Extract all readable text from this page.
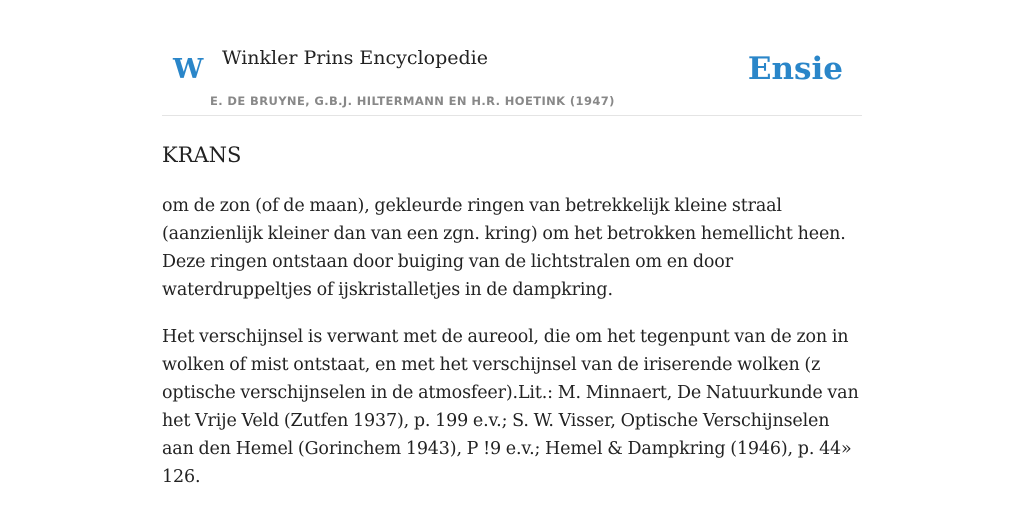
W Winkler Prins Encyclopedie
E. DE BRUYNE, G.B.J. HILTERMANN EN H.R. HOETINK (1947)
Ensie
KRANS

om de zon (of de maan), gekleurde ringen van betrekkelijk kleine straal (aanzienlijk kleiner dan van een zgn. kring) om het betrokken hemellicht heen. Deze ringen ontstaan door buiging van de lichtstralen om en door waterdruppeltjes of ijskristalletjes in de dampkring.

Het verschijnsel is verwant met de aureool, die om het tegenpunt van de zon in wolken of mist ontstaat, en met het verschijnsel van de iriserende wolken (z optische verschijnselen in de atmosfeer).Lit.: M. Minnaert, De Natuurkunde van het Vrije Veld (Zutfen 1937), p. 199 e.v.; S. W. Visser, Optische Verschijnselen aan den Hemel (Gorinchem 1943), P !9 e.v.; Hemel & Dampkring (1946), p. 44» 126.
